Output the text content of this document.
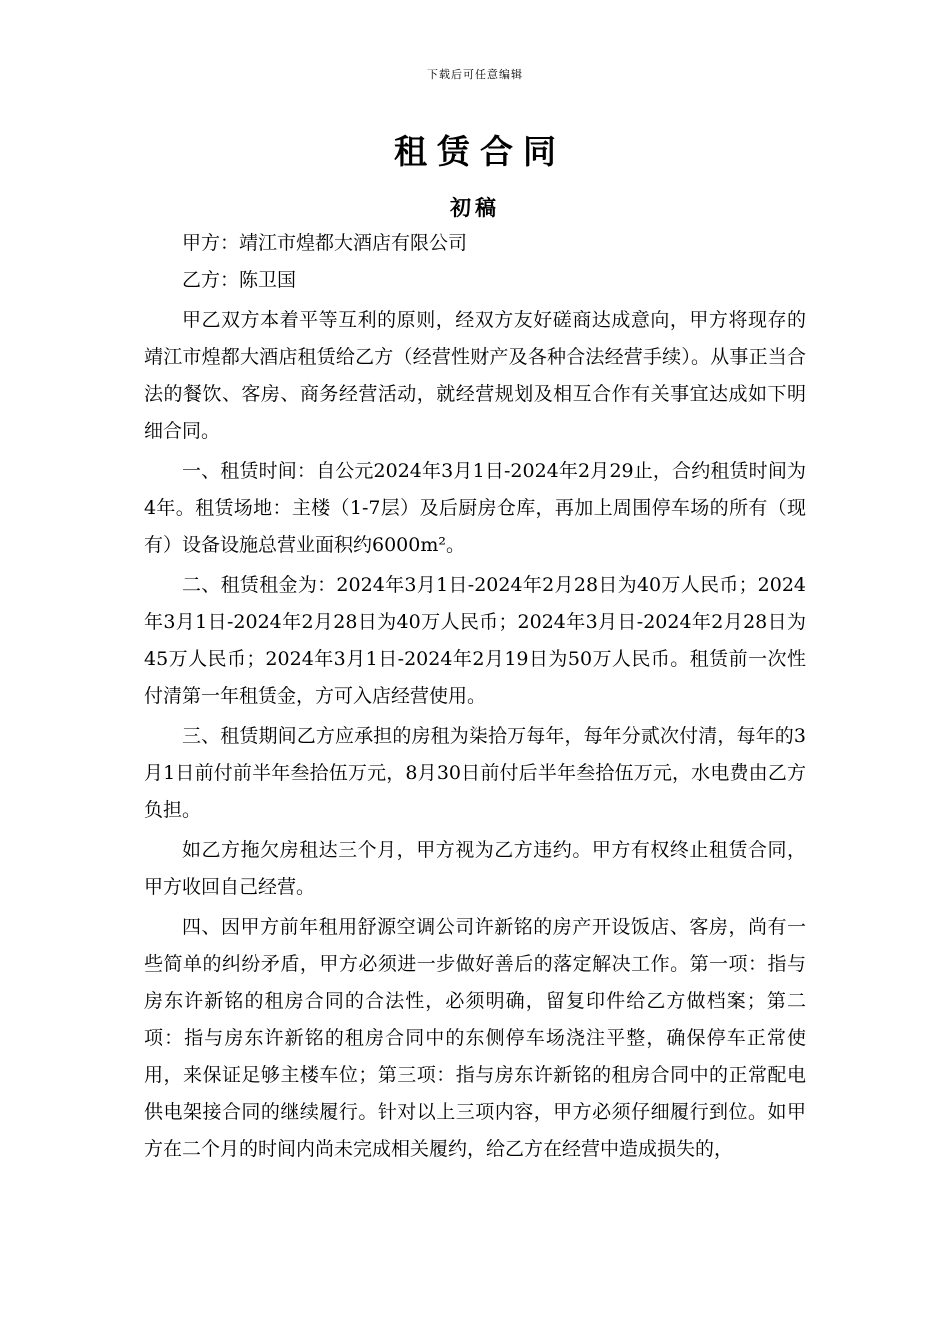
下载后可任意编辑
租赁合同
初稿

甲方：靖江市煌都大酒店有限公司

乙方：陈卫国

甲乙双方本着平等互利的原则，经双方友好磋商达成意向，甲方将现存的靖江市煌都大酒店租赁给乙方（经营性财产及各种合法经营手续）。从事正当合法的餐饮、客房、商务经营活动，就经营规划及相互合作有关事宜达成如下明细合同。

一、租赁时间：自公元2024年3月1日-2024年2月29止，合约租赁时间为4年。租赁场地：主楼（1-7层）及后厨房仓库，再加上周围停车场的所有（现有）设备设施总营业面积约6000m²。

二、租赁租金为：2024年3月1日-2024年2月28日为40万人民币；2024年3月1日-2024年2月28日为40万人民币；2024年3月日-2024年2月28日为45万人民币；2024年3月1日-2024年2月19日为50万人民币。租赁前一次性付清第一年租赁金，方可入店经营使用。

三、租赁期间乙方应承担的房租为柒拾万每年，每年分贰次付清，每年的3月1日前付前半年叁拾伍万元，8月30日前付后半年叁拾伍万元，水电费由乙方负担。

如乙方拖欠房租达三个月，甲方视为乙方违约。甲方有权终止租赁合同，甲方收回自己经营。

四、因甲方前年租用舒源空调公司许新铭的房产开设饭店、客房，尚有一些简单的纠纷矛盾，甲方必须进一步做好善后的落定解决工作。第一项：指与房东许新铭的租房合同的合法性，必须明确，留复印件给乙方做档案；第二项：指与房东许新铭的租房合同中的东侧停车场浇注平整，确保停车正常使用，来保证足够主楼车位；第三项：指与房东许新铭的租房合同中的正常配电供电架接合同的继续履行。针对以上三项内容，甲方必须仔细履行到位。如甲方在二个月的时间内尚未完成相关履约，给乙方在经营中造成损失的，
